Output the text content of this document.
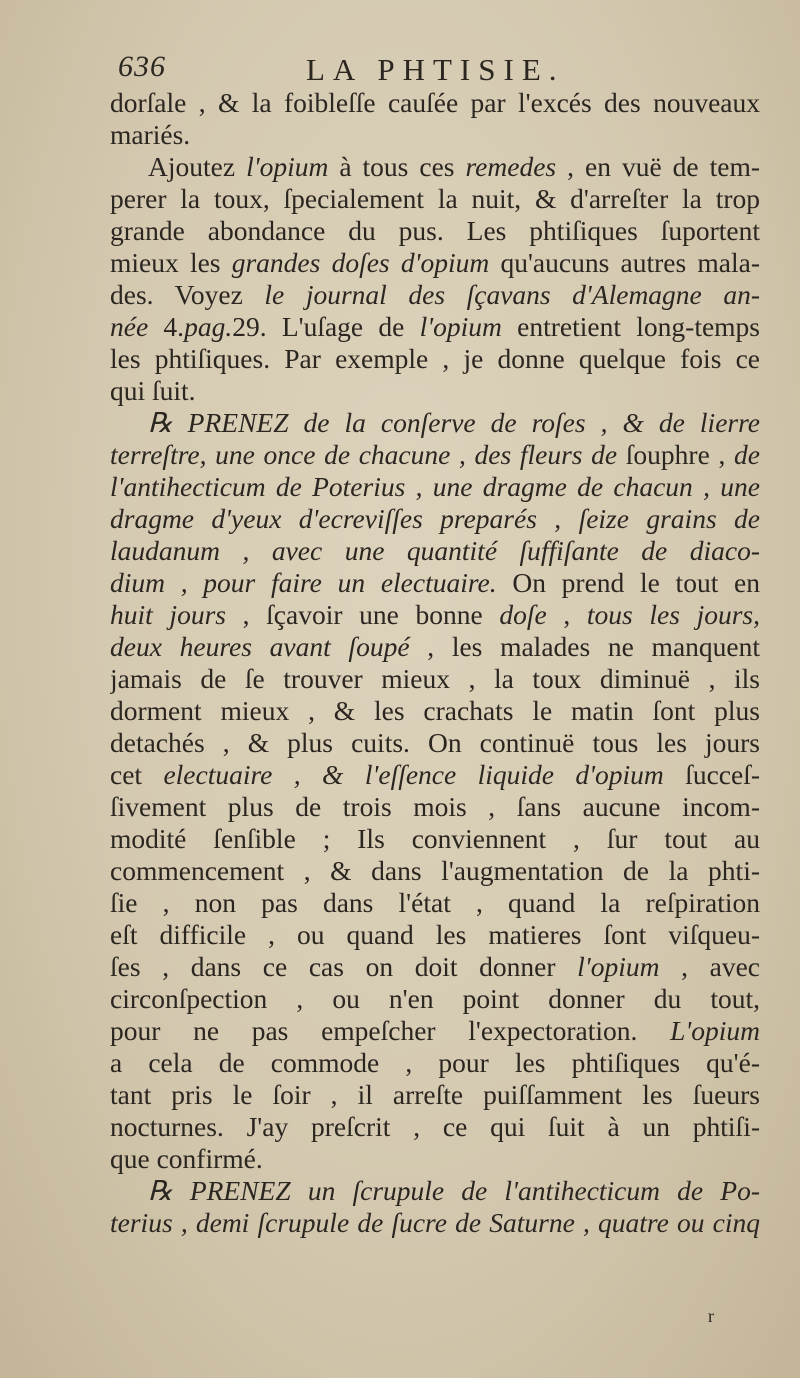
636	LA PHTISIE.
dorſale , & la foibleſſe cauſée par l'excés des nouveaux
mariés.
Ajoutez l'opium à tous ces remedes , en vuë de tem-
perer la toux, ſpecialement la nuit, & d'arreſter la trop
grande abondance du pus. Les phtiſiques ſuportent
mieux les grandes doſes d'opium qu'aucuns autres mala-
des. Voyez le journal des ſçavans d'Alemagne an-
née 4.pag.29. L'uſage de l'opium entretient long-temps
les phtiſiques. Par exemple , je donne quelque fois ce
qui ſuit.
℞ PRENEZ de la conſerve de roſes , & de lierre
terreſtre, une once de chacune , des fleurs de ſouphre , de
l'antihecticum de Poterius , une dragme de chacun , une
dragme d'yeux d'ecreviſſes preparés , ſeize grains de
laudanum , avec une quantité ſuffiſante de diaco-
dium , pour faire un electuaire. On prend le tout en
huit jours , ſçavoir une bonne doſe , tous les jours,
deux heures avant ſoupé , les malades ne manquent
jamais de ſe trouver mieux , la toux diminuë , ils
dorment mieux , & les crachats le matin ſont plus
detachés , & plus cuits. On continuë tous les jours
cet electuaire , & l'eſſence liquide d'opium ſucceſ-
ſivement plus de trois mois , ſans aucune incom-
modité ſenſible ; Ils conviennent , ſur tout au
commencement , & dans l'augmentation de la phti-
ſie , non pas dans l'état , quand la reſpiration
eſt difficile , ou quand les matieres ſont viſqueu-
ſes , dans ce cas on doit donner l'opium , avec
circonſpection , ou n'en point donner du tout,
pour ne pas empeſcher l'expectoration. L'opium
a cela de commode , pour les phtiſiques qu'é-
tant pris le ſoir , il arreſte puiſſamment les ſueurs
nocturnes. J'ay preſcrit , ce qui ſuit à un phtiſi-
que confirmé.
℞ PRENEZ un ſcrupule de l'antihecticum de Po-
terius , demi ſcrupule de ſucre de Saturne , quatre ou cinq
r
